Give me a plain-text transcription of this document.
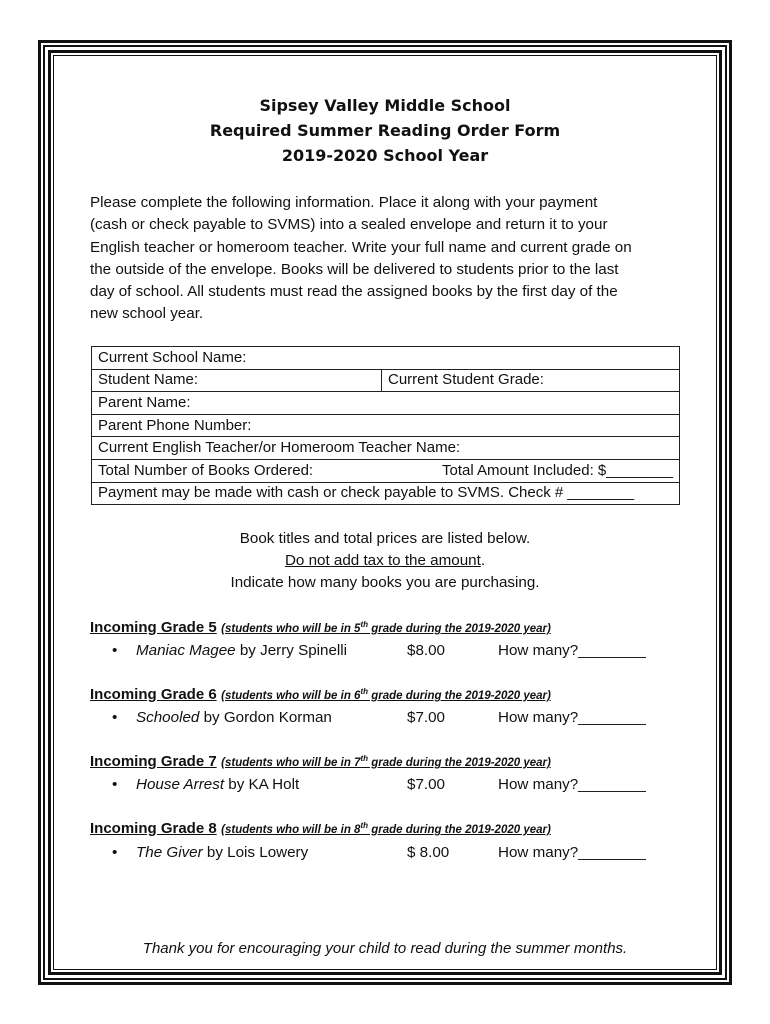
Sipsey Valley Middle School
Required Summer Reading Order Form
2019-2020 School Year
Please complete the following information. Place it along with your payment
(cash or check payable to SVMS) into a sealed envelope and return it to your
English teacher or homeroom teacher. Write your full name and current grade on
the outside of the envelope. Books will be delivered to students prior to the last
day of school. All students must read the assigned books by the first day of the
new school year.
Current School Name:
Student Name:	Current Student Grade:
Parent Name:
Parent Phone Number:
Current English Teacher/or Homeroom Teacher Name:

Total Number of Books Ordered:	Total Amount Included: $________

Payment may be made with cash or check payable to SVMS. Check # ________
Book titles and total prices are listed below.
Do not add tax to the amount.
Indicate how many books you are purchasing.
Incoming Grade 5 (students who will be in 5th grade during the 2019-2020 year)
• Maniac Magee by Jerry Spinelli	$8.00	How many?________
Incoming Grade 6 (students who will be in 6th grade during the 2019-2020 year)
• Schooled by Gordon Korman	$7.00	How many?________
Incoming Grade 7 (students who will be in 7th grade during the 2019-2020 year)
• House Arrest by KA Holt	$7.00	How many?________
Incoming Grade 8 (students who will be in 8th grade during the 2019-2020 year)
• The Giver by Lois Lowery	$ 8.00	How many?________
Thank you for encouraging your child to read during the summer months.
